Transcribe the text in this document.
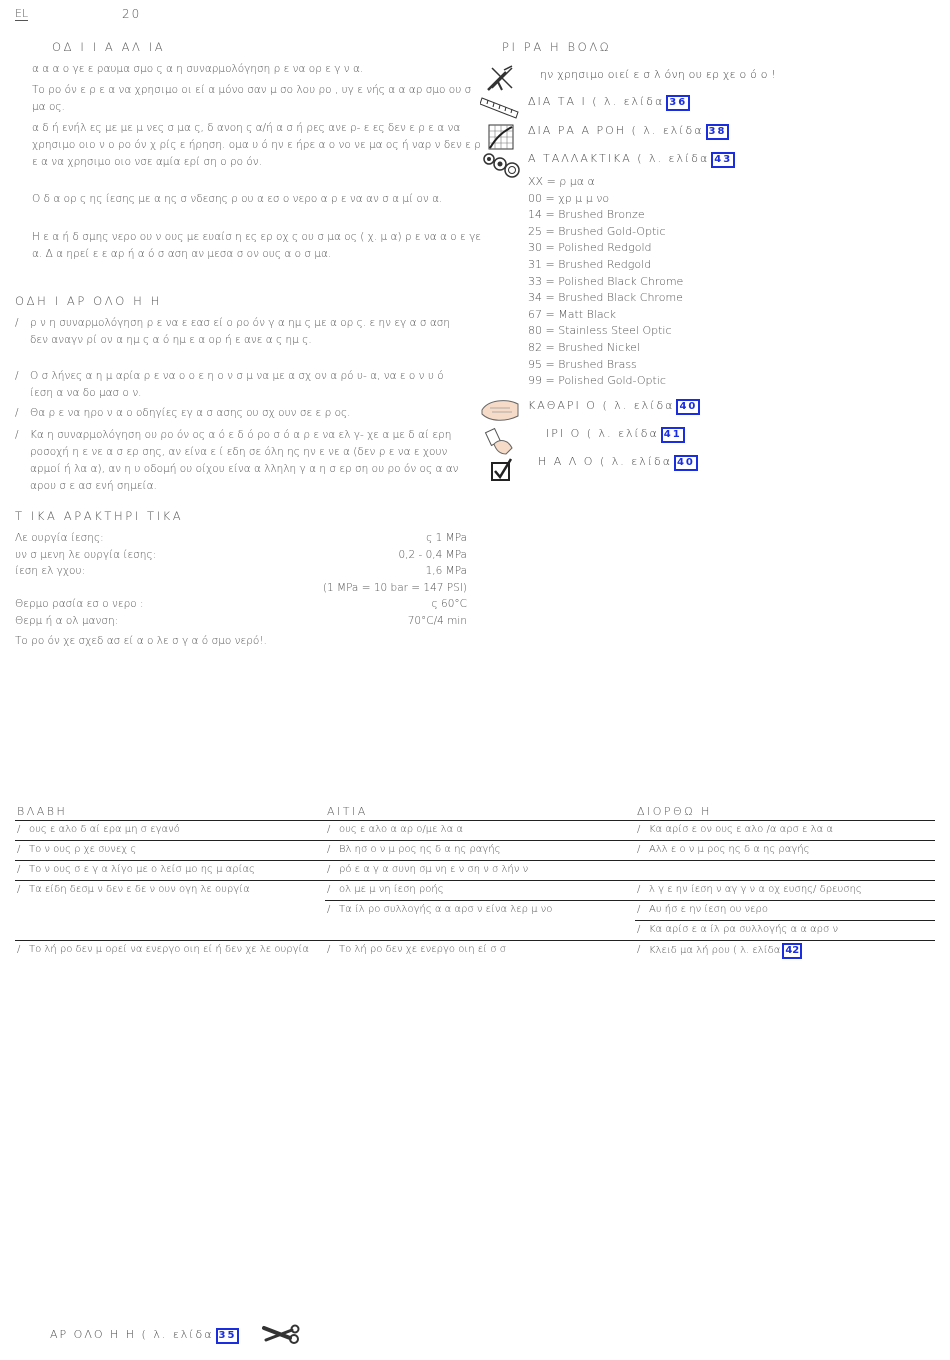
EL	20
ΟΔ Ι Ι Α ΑΛ ΙΑ
α α α ο γε ε ραυμα σμο ς α η συναρμολόγηση ρ ε να ορ ε γ ν α.
Το ρο όν ε ρ ε α να χρησιμο οι εί α μόνο σαν μ σο λου ρο , υγ ε νής α α αρ σμο ου σ μα ος.
α δ ή ενήλ ες με με μ νες σ μα ς, δ ανοη ς α/ή α σ ή ρες ανε ρ- ε ες δεν ε ρ ε α να χρησιμο οιο ν ο ρο όν χ ρίς ε ήρηση. ομα υ ό ην ε ήρε α ο νο νε μα ος ή ναρ ν δεν ε ρ ε α να χρησιμο οιο νσε αμία ερί ση ο ρο όν.
Ο δ α ορ ς ης ίεσης με α ης σ νδεσης ρ ου α εσ ο νερο α ρ ε να αν σ α μί ον α.
Η ε α ή δ σμης νερο ου ν ους με ευαίσ η ες ερ οχ ς ου σ μα ος ( χ. μ α) ρ ε να α ο ε γε α. Δ α ηρεί ε ε αρ ή α ό σ αση αν μεσα σ ον ους α ο σ μα.
ΟΔΗ Ι ΑΡ ΟΛΟ Η Η
/ ρ ν η συναρμολόγηση ρ ε να ε εασ εί ο ρο όν γ α ημ ς με α ορ ς. ε ην εγ α σ αση δεν αναγν ρί ον α ημ ς α ό ημ ε α ορ ή ε ανε α ς ημ ς.
/ Ο σ λήνες α η μ αρία ρ ε να ο ο ε η ο ν σ μ να με α σχ ον α ρό υ- α, να ε ο ν υ ό ίεση α να δο μασ ο ν.
/ Θα ρ ε να ηρο ν α ο οδηγίες εγ α σ ασης ου σχ ουν σε ε ρ ος.
/ Κα η συναρμολόγηση ου ρο όν ος α ό ε δ ό ρο σ ό α ρ ε να ελ γ- χε α με δ αί ερη ροσοχή η ε νε α σ ερ σης, αν είνα ε ί εδη σε όλη ης ην ε νε α (δεν ρ ε να ε χουν αρμοί ή λα α), αν η υ οδομή ου οίχου είνα α λληλη γ α η σ ερ ση ου ρο όν ος α αν αρου σ ε ασ ενή σημεία.
Τ ΙΚΑ ΑΡΑΚΤΗΡΙ ΤΙΚΑ
Λε ουργία ίεσης:	ς 1 MPa
υν σ μενη λε ουργία ίεσης:	0,2 - 0,4 MPa
ίεση ελ γχου:	1,6 MPa
(1 MPa = 10 bar = 147 PSI)
Θερμο ρασία εσ ο νερο :	ς 60°C
Θερμ ή α ολ μανση:	70°C/4 min
Το ρο όν χε σχεδ ασ εί α ο λε σ γ α ό σμο νερό!.
ΡΙ ΡΑ Η ΒΟΛΩ
ην χρησιμο οιεί ε σ λ όνη ου ερ χε ο ό ο !
ΔΙΑ ΤΑ Ι ( λ. ελίδα 36
ΔΙΑ ΡΑ Α ΡΟΗ ( λ. ελίδα 38
Α ΤΑΛΛΑΚΤΙΚΑ ( λ. ελίδα 43
XX = ρ μα α
00 = χρ μ μ νο
14 = Brushed Bronze
25 = Brushed Gold-Optic
30 = Polished Redgold
31 = Brushed Redgold
33 = Polished Black Chrome
34 = Brushed Black Chrome
67 = Matt Black
80 = Stainless Steel Optic
82 = Brushed Nickel
95 = Brushed Brass
99 = Polished Gold-Optic
ΚΑΘΑΡΙ Ο ( λ. ελίδα 40
ΙΡΙ Ο ( λ. ελίδα 41
Η Α Λ Ο ( λ. ελίδα 40
ΒΛΑΒΗ	ΑΙΤΙΑ	ΔΙΟΡΘΩ Η

/ ους ε αλο δ αί ερα μη σ εγανό	/ ους ε αλο α αρ ο/με λα α	/ Κα αρίσ ε ον ους ε αλο /α αρσ ε λα α

/ Το ν ους ρ χε συνεχ ς	/ Βλ ησ ο ν μ ρος ης δ α ης ραγής	/ Αλλ ε ο ν μ ρος ης δ α ης ραγής

/ Το ν ους σ ε γ α λίγο με ο λείσ μο ης μ αρίας	/ ρό ε α γ α συνη σμ νη ε ν ση ν σ λήν ν

/ Τα είδη δεσμ ν δεν ε δε ν ουν ογη λε ουργία	/ ολ με μ νη ίεση ροής	/ λ γ ε ην ίεση ν αγ γ ν α οχ ευσης/ δρευσης

	/ Τα ίλ ρο συλλογής α α αρσ ν είνα λερ μ νο	/ Αυ ήσ ε ην ίεση ου νερο

		/ Κα αρίσ ε α ίλ ρα συλλογής α α αρσ ν

/ Το λή ρο δεν μ ορεί να ενεργο οιη εί ή δεν χε λε ουργία	/ Το λή ρο δεν χε ενεργο οιη εί σ σ	/ Κλειδ μα λή ρου ( λ. ελίδα 42
ΑΡ ΟΛΟ Η Η ( λ. ελίδα 35
